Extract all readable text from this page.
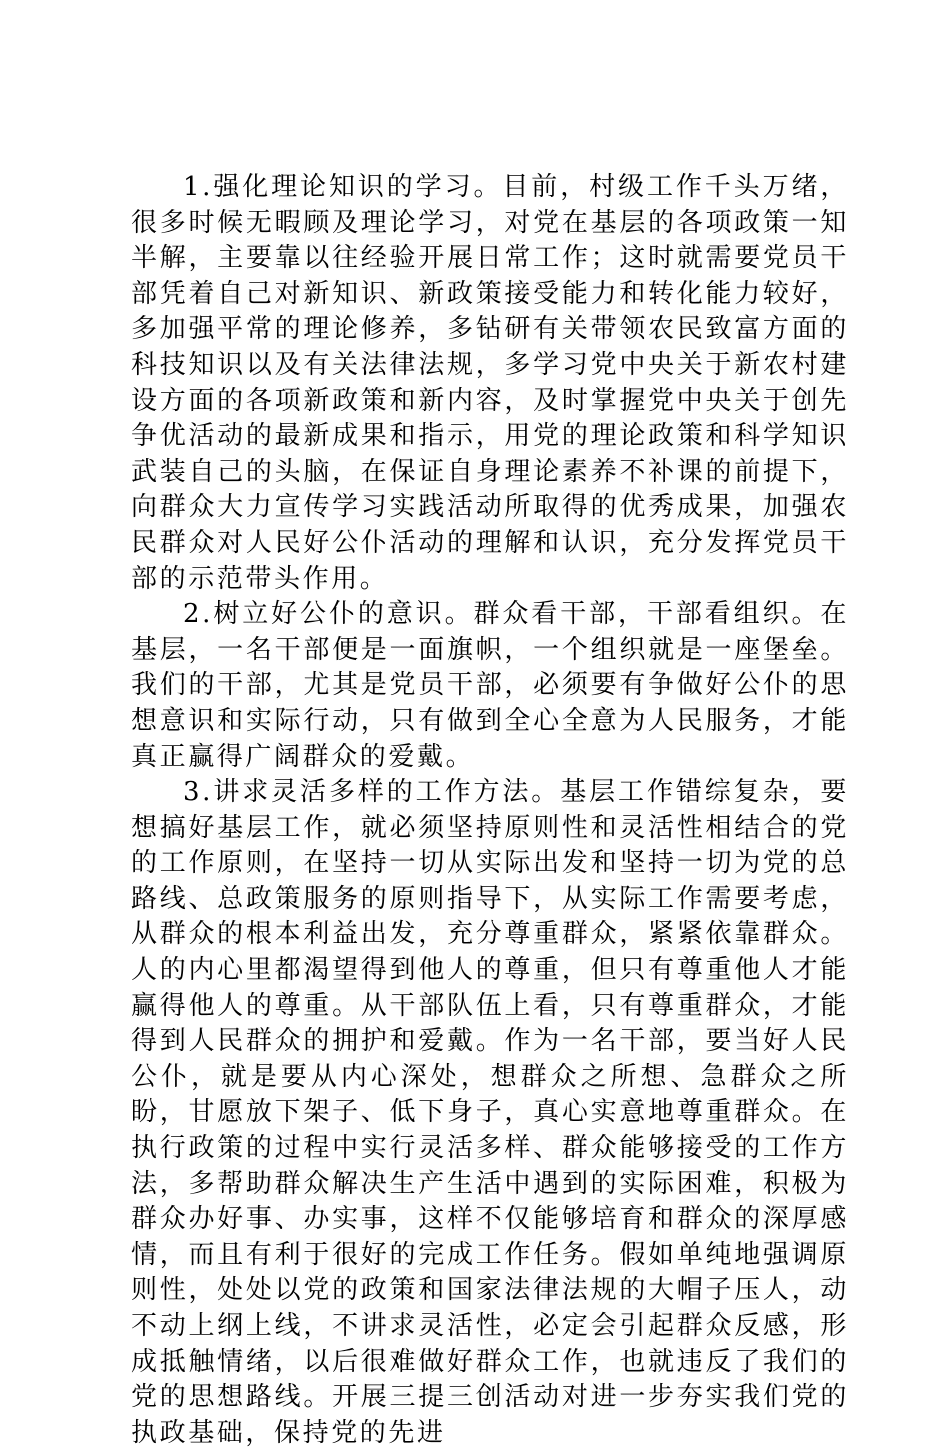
1.强化理论知识的学习。目前，村级工作千头万绪，很多时候无暇顾及理论学习，对党在基层的各项政策一知半解，主要靠以往经验开展日常工作；这时就需要党员干部凭着自己对新知识、新政策接受能力和转化能力较好，多加强平常的理论修养，多钻研有关带领农民致富方面的科技知识以及有关法律法规，多学习党中央关于新农村建设方面的各项新政策和新内容，及时掌握党中央关于创先争优活动的最新成果和指示，用党的理论政策和科学知识武装自己的头脑，在保证自身理论素养不补课的前提下，向群众大力宣传学习实践活动所取得的优秀成果，加强农民群众对人民好公仆活动的理解和认识，充分发挥党员干部的示范带头作用。

2.树立好公仆的意识。群众看干部，干部看组织。在基层，一名干部便是一面旗帜，一个组织就是一座堡垒。我们的干部，尤其是党员干部，必须要有争做好公仆的思想意识和实际行动，只有做到全心全意为人民服务，才能真正赢得广阔群众的爱戴。

3.讲求灵活多样的工作方法。基层工作错综复杂，要想搞好基层工作，就必须坚持原则性和灵活性相结合的党的工作原则，在坚持一切从实际出发和坚持一切为党的总路线、总政策服务的原则指导下，从实际工作需要考虑，从群众的根本利益出发，充分尊重群众，紧紧依靠群众。人的内心里都渴望得到他人的尊重，但只有尊重他人才能赢得他人的尊重。从干部队伍上看，只有尊重群众，才能得到人民群众的拥护和爱戴。作为一名干部，要当好人民公仆，就是要从内心深处，想群众之所想、急群众之所盼，甘愿放下架子、低下身子，真心实意地尊重群众。在执行政策的过程中实行灵活多样、群众能够接受的工作方法，多帮助群众解决生产生活中遇到的实际困难，积极为群众办好事、办实事，这样不仅能够培育和群众的深厚感情，而且有利于很好的完成工作任务。假如单纯地强调原则性，处处以党的政策和国家法律法规的大帽子压人，动不动上纲上线，不讲求灵活性，必定会引起群众反感，形成抵触情绪，以后很难做好群众工作，也就违反了我们的党的思想路线。开展三提三创活动对进一步夯实我们党的执政基础，保持党的先进
